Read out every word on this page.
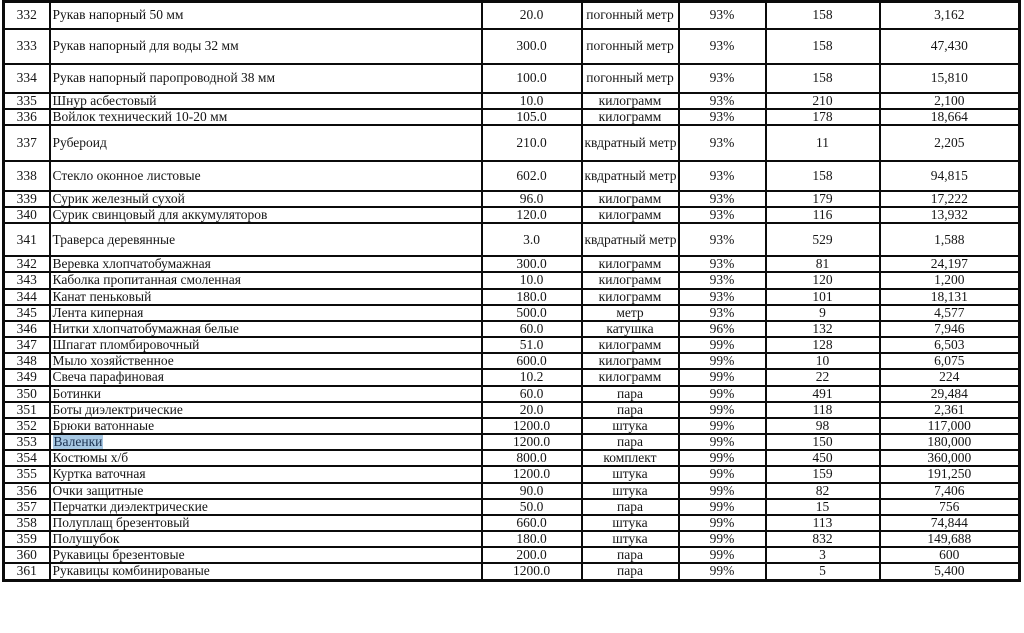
332	Рукав напорный 50 мм	20.0	погонный метр	93%	158	3,162
333	Рукав напорный для воды 32 мм	300.0	погонный метр	93%	158	47,430
334	Рукав напорный паропроводной 38 мм	100.0	погонный метр	93%	158	15,810
335	Шнур асбестовый	10.0	килограмм	93%	210	2,100
336	Войлок технический 10-20 мм	105.0	килограмм	93%	178	18,664
337	Рубероид	210.0	квдратный метр	93%	11	2,205
338	Стекло оконное листовые	602.0	квдратный метр	93%	158	94,815
339	Сурик железный сухой	96.0	килограмм	93%	179	17,222
340	Сурик свинцовый для аккумуляторов	120.0	килограмм	93%	116	13,932
341	Траверса деревянные	3.0	квдратный метр	93%	529	1,588
342	Веревка хлопчатобумажная	300.0	килограмм	93%	81	24,197
343	Каболка пропитанная смоленная	10.0	килограмм	93%	120	1,200
344	Канат пеньковый	180.0	килограмм	93%	101	18,131
345	Лента киперная	500.0	метр	93%	9	4,577
346	Нитки хлопчатобумажная белые	60.0	катушка	96%	132	7,946
347	Шпагат пломбировочный	51.0	килограмм	99%	128	6,503
348	Мыло хозяйственное	600.0	килограмм	99%	10	6,075
349	Свеча парафиновая	10.2	килограмм	99%	22	224
350	Ботинки	60.0	пара	99%	491	29,484
351	Боты диэлектрические	20.0	пара	99%	118	2,361
352	Брюки ватоннаые	1200.0	штука	99%	98	117,000
353	Валенки	1200.0	пара	99%	150	180,000
354	Костюмы х/б	800.0	комплект	99%	450	360,000
355	Куртка ваточная	1200.0	штука	99%	159	191,250
356	Очки защитные	90.0	штука	99%	82	7,406
357	Перчатки диэлектрические	50.0	пара	99%	15	756
358	Полуплащ брезентовый	660.0	штука	99%	113	74,844
359	Полушубок	180.0	штука	99%	832	149,688
360	Рукавицы брезентовые	200.0	пара	99%	3	600
361	Рукавицы комбинированые	1200.0	пара	99%	5	5,400
